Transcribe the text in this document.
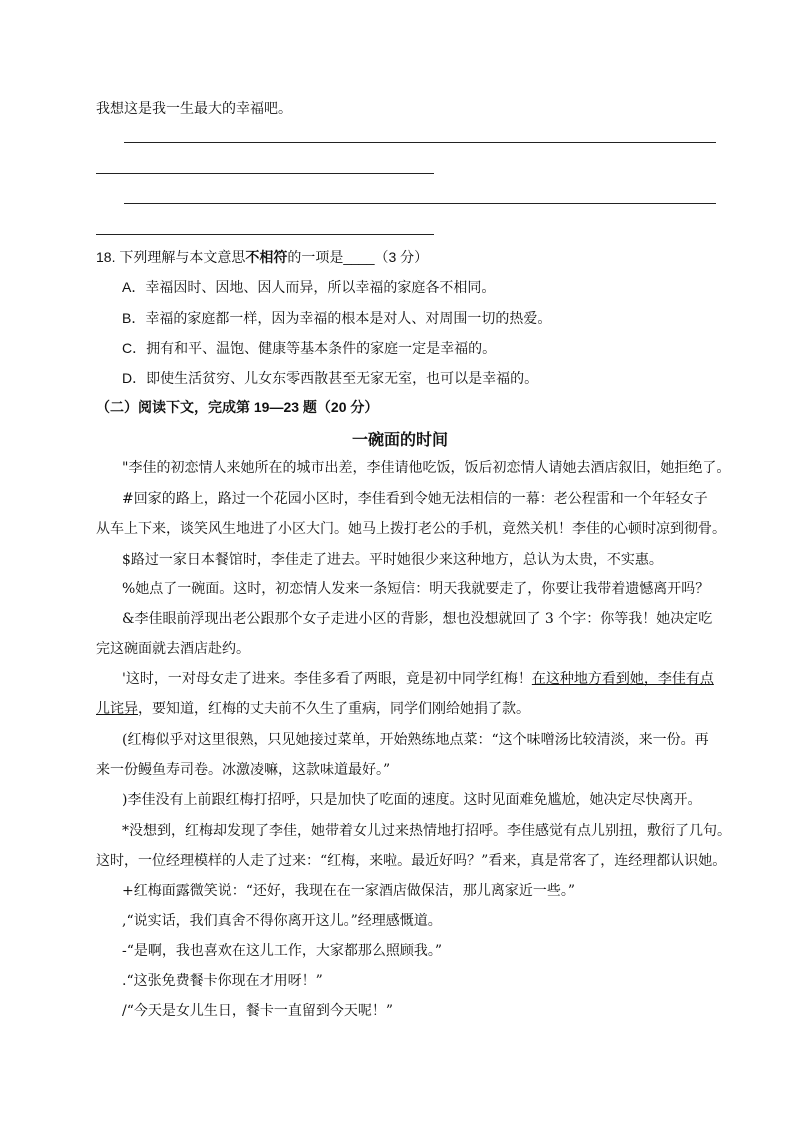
我想这是我一生最大的幸福吧。
18. 下列理解与本文意思不相符的一项是____（3 分）
A．幸福因时、因地、因人而异，所以幸福的家庭各不相同。
B．幸福的家庭都一样，因为幸福的根本是对人、对周围一切的热爱。
C．拥有和平、温饱、健康等基本条件的家庭一定是幸福的。
D．即使生活贫穷、儿女东零西散甚至无家无室，也可以是幸福的。
（二）阅读下文，完成第 19—23 题（20 分）
一碗面的时间
"李佳的初恋情人来她所在的城市出差，李佳请他吃饭，饭后初恋情人请她去酒店叙旧，她拒绝了。
#回家的路上，路过一个花园小区时，李佳看到令她无法相信的一幕：老公程雷和一个年轻女子
从车上下来，谈笑风生地进了小区大门。她马上拨打老公的手机，竟然关机！李佳的心顿时凉到彻骨。
$路过一家日本餐馆时，李佳走了进去。平时她很少来这种地方，总认为太贵，不实惠。
%她点了一碗面。这时，初恋情人发来一条短信：明天我就要走了，你要让我带着遗憾离开吗？
&李佳眼前浮现出老公跟那个女子走进小区的背影，想也没想就回了 3 个字：你等我！她决定吃
完这碗面就去酒店赴约。
'这时，一对母女走了进来。李佳多看了两眼，竟是初中同学红梅！在这种地方看到她，李佳有点
儿诧异，要知道，红梅的丈夫前不久生了重病，同学们刚给她捐了款。
(红梅似乎对这里很熟，只见她接过菜单，开始熟练地点菜：“这个味噌汤比较清淡，来一份。再
来一份鳗鱼寿司卷。冰激凌嘛，这款味道最好。”
)李佳没有上前跟红梅打招呼，只是加快了吃面的速度。这时见面难免尴尬，她决定尽快离开。
*没想到，红梅却发现了李佳，她带着女儿过来热情地打招呼。李佳感觉有点儿别扭，敷衍了几句。
这时，一位经理模样的人走了过来：“红梅，来啦。最近好吗？”看来，真是常客了，连经理都认识她。
+红梅面露微笑说：“还好，我现在在一家酒店做保洁，那儿离家近一些。”
,“说实话，我们真舍不得你离开这儿。”经理感慨道。
-“是啊，我也喜欢在这儿工作，大家都那么照顾我。”
.“这张免费餐卡你现在才用呀！”
/“今天是女儿生日，餐卡一直留到今天呢！”
